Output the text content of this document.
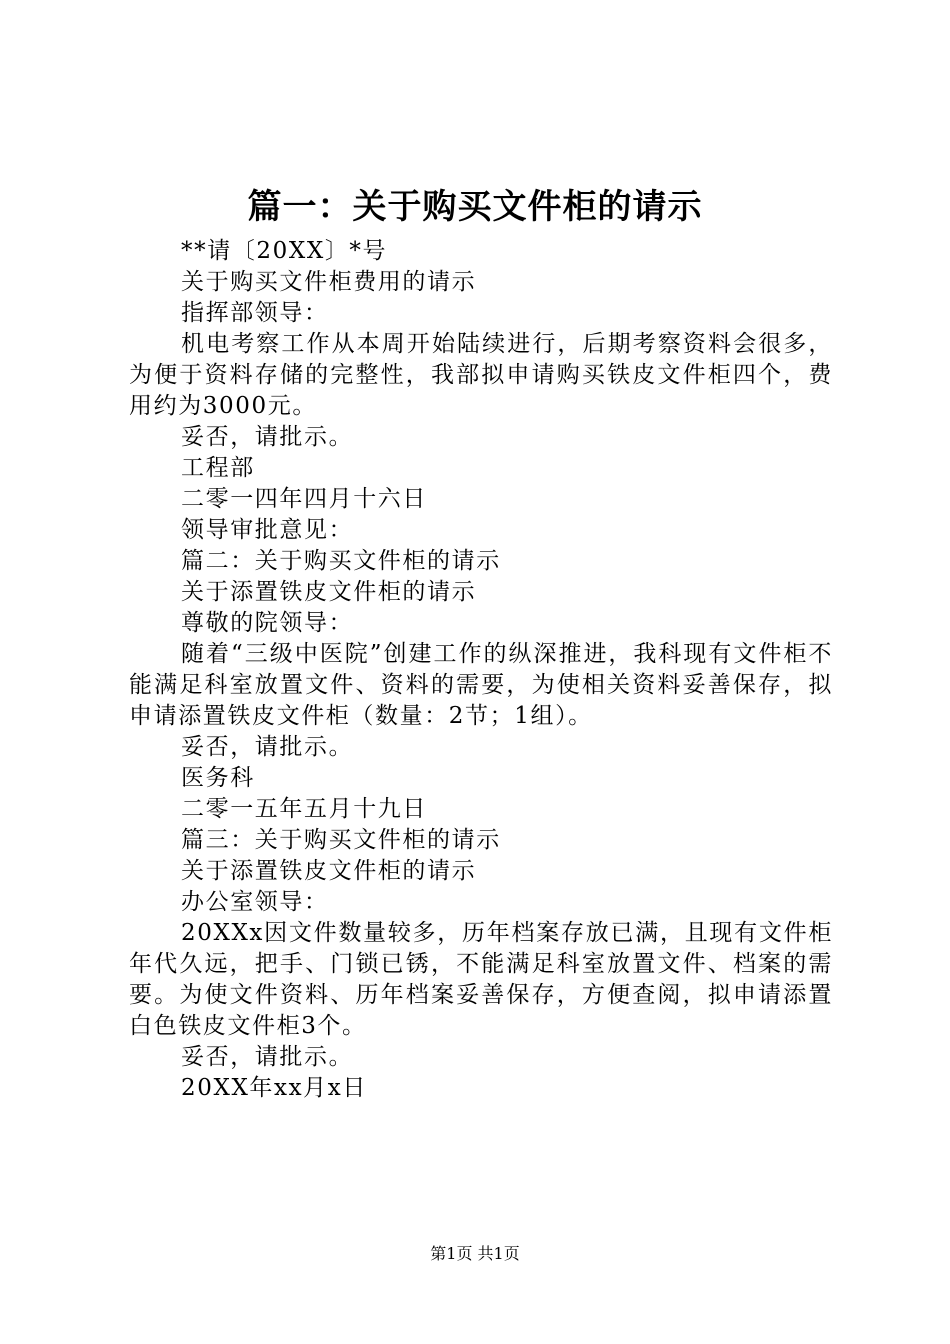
篇一：关于购买文件柜的请示

**请〔20XX〕*号

关于购买文件柜费用的请示

指挥部领导：

机电考察工作从本周开始陆续进行，后期考察资料会很多，为便于资料存储的完整性，我部拟申请购买铁皮文件柜四个，费用约为3000元。

妥否，请批示。

工程部

二零一四年四月十六日

领导审批意见：

篇二：关于购买文件柜的请示

关于添置铁皮文件柜的请示

尊敬的院领导：

随着“三级中医院”创建工作的纵深推进，我科现有文件柜不能满足科室放置文件、资料的需要，为使相关资料妥善保存，拟申请添置铁皮文件柜（数量：2节；1组）。

妥否，请批示。

医务科

二零一五年五月十九日

篇三：关于购买文件柜的请示

关于添置铁皮文件柜的请示

办公室领导：

20XXx因文件数量较多，历年档案存放已满，且现有文件柜年代久远，把手、门锁已锈，不能满足科室放置文件、档案的需要。为使文件资料、历年档案妥善保存，方便查阅，拟申请添置白色铁皮文件柜3个。

妥否，请批示。

20XX年xx月x日

第1页 共1页
